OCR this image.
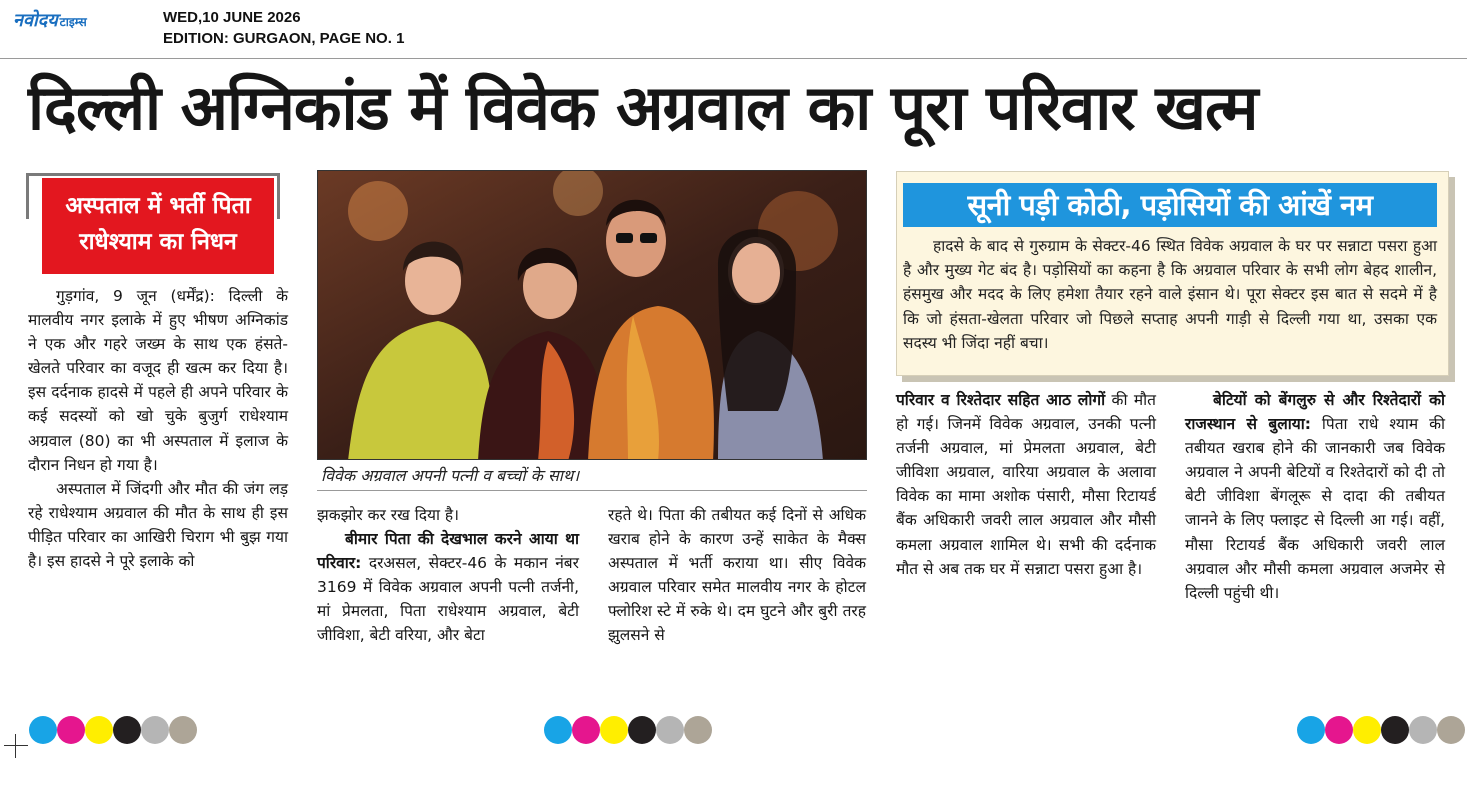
नवोदय टाइम्स	WED,10 JUNE 2026
EDITION: GURGAON, PAGE NO. 1
दिल्ली अग्निकांड में विवेक अग्रवाल का पूरा परिवार खत्म
अस्पताल में भर्ती पिता
राधेश्याम का निधन

गुड़गांव, 9 जून (धर्मेंद्र): दिल्ली के मालवीय नगर इलाके में हुए भीषण अग्निकांड ने एक और गहरे जख्म के साथ एक हंसते-खेलते परिवार का वजूद ही खत्म कर दिया है। इस दर्दनाक हादसे में पहले ही अपने परिवार के कई सदस्यों को खो चुके बुजुर्ग राधेश्याम अग्रवाल (80) का भी अस्पताल में इलाज के दौरान निधन हो गया है।

अस्पताल में जिंदगी और मौत की जंग लड़ रहे राधेश्याम अग्रवाल की मौत के साथ ही इस पीड़ित परिवार का आखिरी चिराग भी बुझ गया है। इस हादसे ने पूरे इलाके को

विवेक अग्रवाल अपनी पत्नी व बच्चों के साथ।

झकझोर कर रख दिया है।

बीमार पिता की देखभाल करने आया था परिवार: दरअसल, सेक्टर-46 के मकान नंबर 3169 में विवेक अग्रवाल अपनी पत्नी तर्जनी, मां प्रेमलता, पिता राधेश्याम अग्रवाल, बेटी जीविशा, बेटी वरिया, और बेटा

रहते थे। पिता की तबीयत कई दिनों से अधिक खराब होने के कारण उन्हें साकेत के मैक्स अस्पताल में भर्ती कराया था। सीए विवेक अग्रवाल परिवार समेत मालवीय नगर के होटल फ्लोरिश स्टे में रुके थे। दम घुटने और बुरी तरह झुलसने से

सूनी पड़ी कोठी, पड़ोसियों की आंखें नम
हादसे के बाद से गुरुग्राम के सेक्टर-46 स्थित विवेक अग्रवाल के घर पर सन्नाटा पसरा हुआ है और मुख्य गेट बंद है। पड़ोसियों का कहना है कि अग्रवाल परिवार के सभी लोग बेहद शालीन, हंसमुख और मदद के लिए हमेशा तैयार रहने वाले इंसान थे। पूरा सेक्टर इस बात से सदमे में है कि जो हंसता-खेलता परिवार जो पिछले सप्ताह अपनी गाड़ी से दिल्ली गया था, उसका एक सदस्य भी जिंदा नहीं बचा।

परिवार व रिश्तेदार सहित आठ लोगों की मौत हो गई। जिनमें विवेक अग्रवाल, उनकी पत्नी तर्जनी अग्रवाल, मां प्रेमलता अग्रवाल, बेटी जीविशा अग्रवाल, वारिया अग्रवाल के अलावा विवेक का मामा अशोक पंसारी, मौसा रिटायर्ड बैंक अधिकारी जवरी लाल अग्रवाल और मौसी कमला अग्रवाल शामिल थे। सभी की दर्दनाक मौत से अब तक घर में सन्नाटा पसरा हुआ है।

बेटियों को बेंगलुरु से और रिश्तेदारों को राजस्थान से बुलाया: पिता राधे श्याम की तबीयत खराब होने की जानकारी जब विवेक अग्रवाल ने अपनी बेटियों व रिश्तेदारों को दी तो बेटी जीविशा बेंगलूरू से दादा की तबीयत जानने के लिए फ्लाइट से दिल्ली आ गई। वहीं, मौसा रिटायर्ड बैंक अधिकारी जवरी लाल अग्रवाल और मौसी कमला अग्रवाल अजमेर से दिल्ली पहुंची थी।
